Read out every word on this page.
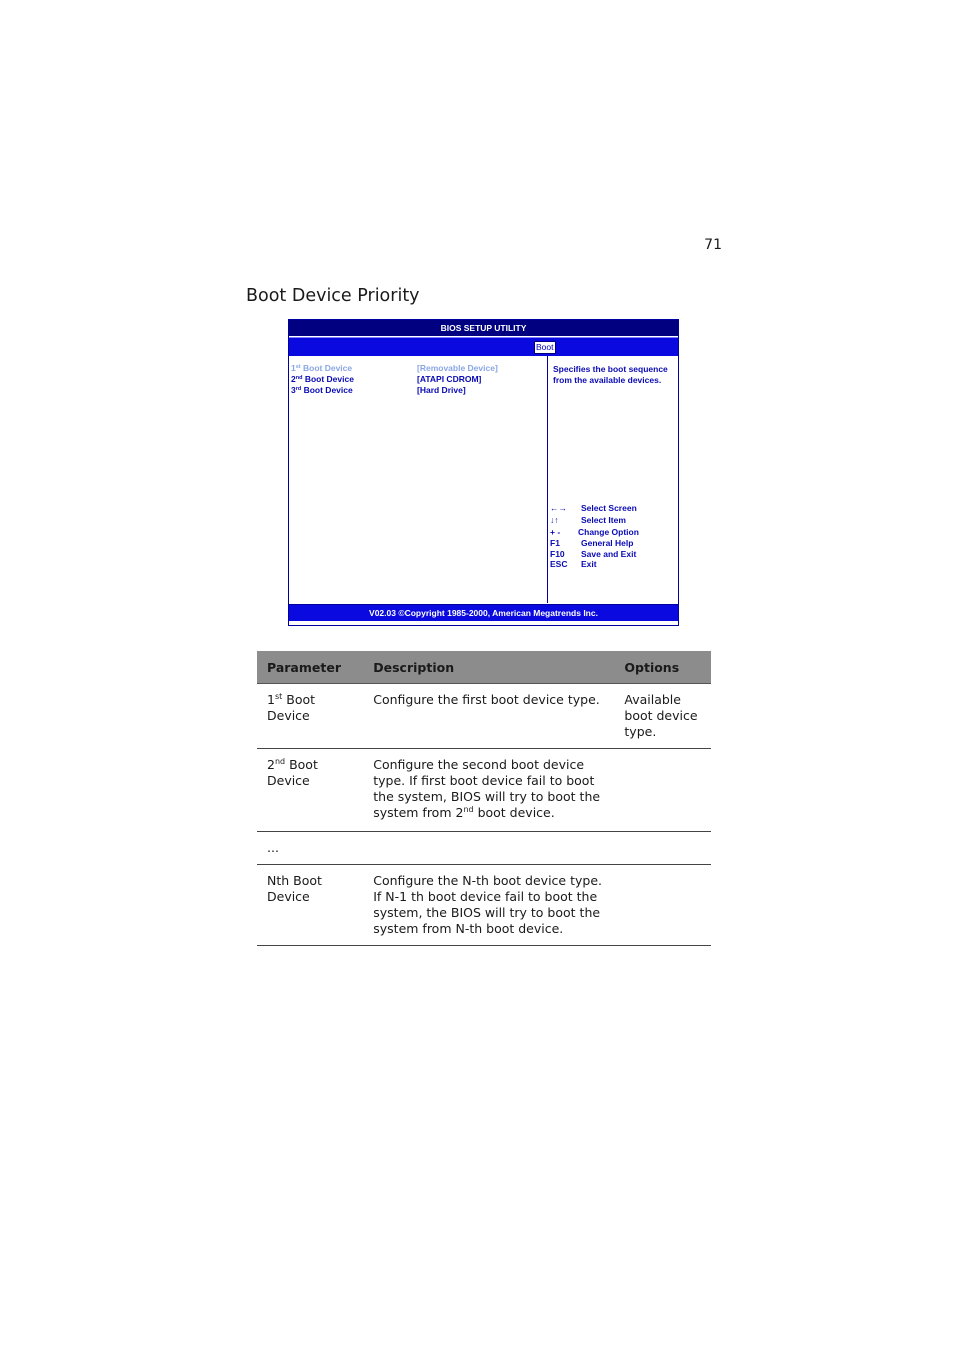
71
Boot Device Priority
BIOS SETUP UTILITY
Boot
1st Boot Device	[Removable Device]
2nd Boot Device	[ATAPI CDROM]
3rd Boot Device	[Hard Drive]
Specifies the boot sequence from the available devices.
←→ Select Screen
↓↑	Select Item
+ - Change Option
F1 General Help
F10 Save and Exit
ESC Exit
V02.03 ©Copyright 1985-2000, American Megatrends Inc.
Parameter	Description	Options
1st Boot Device	Configure the first boot device type.	Available boot device type.
2nd Boot Device	Configure the second boot device type. If first boot device fail to boot the system, BIOS will try to boot the system from 2nd boot device.	
...		
Nth Boot Device	Configure the N-th boot device type. If N-1 th boot device fail to boot the system, the BIOS will try to boot the system from N-th boot device.	
